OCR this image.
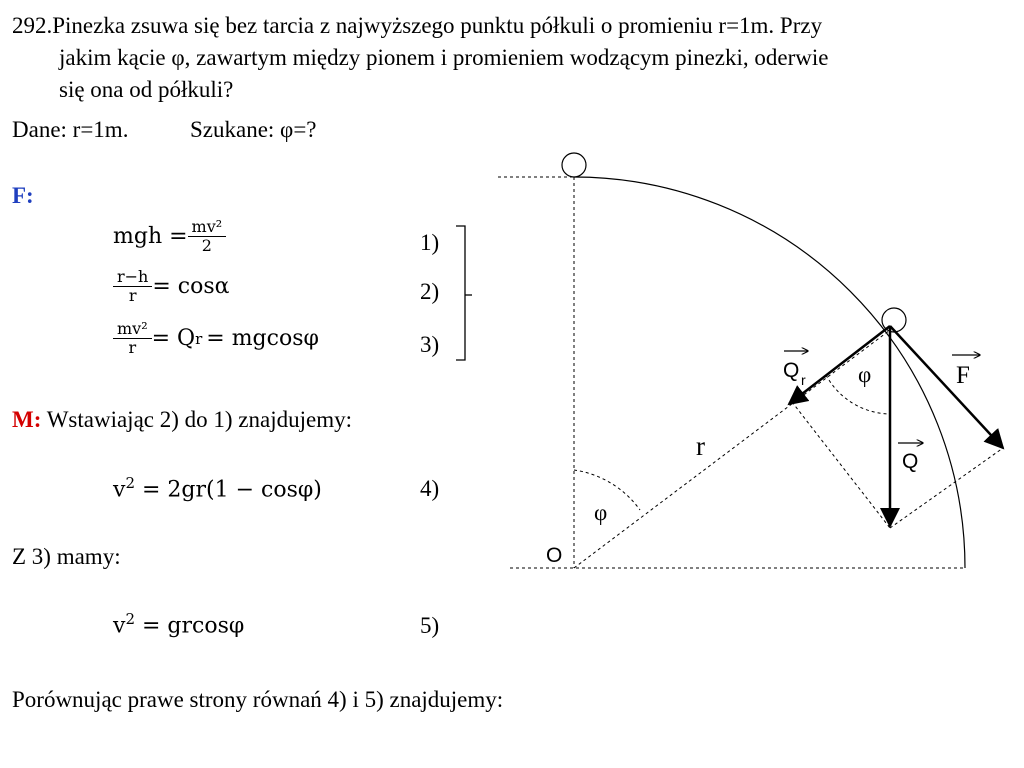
292.Pinezka zsuwa się bez tarcia z najwyższego punktu półkuli o promieniu r=1m. Przy
jakim kącie φ, zawartym między pionem i promieniem wodzącym pinezki, oderwie
się ona od półkuli?
Dane: r=1m.	Szukane: φ=?
F:
mgh = $\frac{\text{mv²}}{2}$	1)
$\frac{r-h}{r} = \cos\alpha$	2)
$\frac{\text{mv²}}{r} = Q$ r = mgcosφ	3)
M: Wstawiając 2) do 1) znajdujemy:
$v^2 = 2gr(1 - \cos\varphi)$	4)
Z 3) mamy:
$v^2 = grcos\varphi$	5)
Porównując prawe strony równań 4) i 5) znajdujemy:
O
r
φ
φ
Q r
Q
F
